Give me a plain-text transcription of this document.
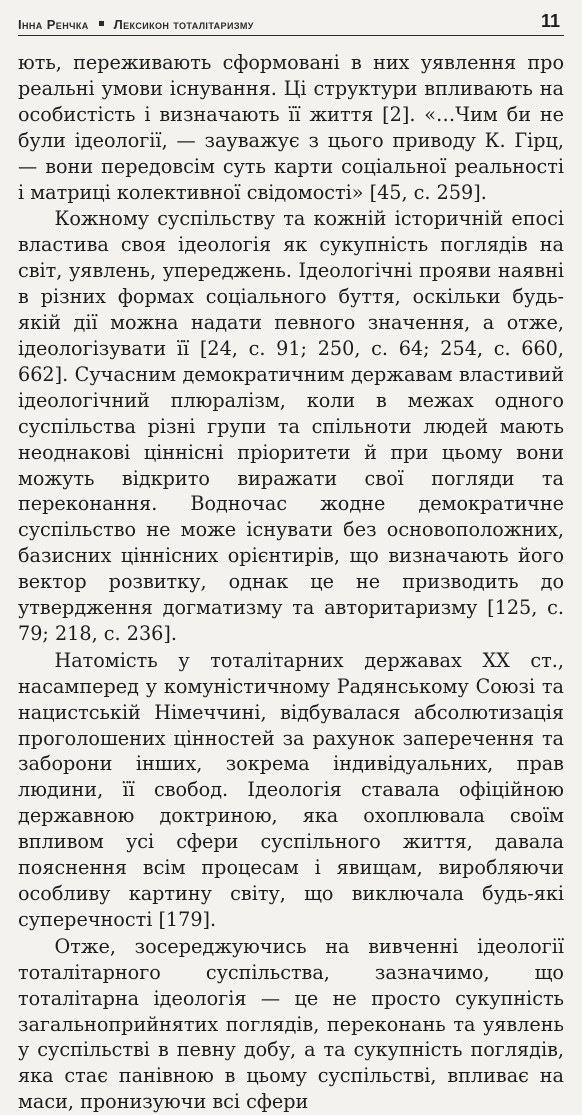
Інна Ренчка Лексикон тоталітаризму	11

ють, переживають сформовані в них уявлення про реальні умови існування. Ці структури впливають на особистість і визначають її життя [2]. «…Чим би не були ідеології, — зауважує з цього приводу К. Гірц, — вони передовсім суть карти соціальної реальності і матриці колективної свідомості» [45, с. 259].

Кожному суспільству та кожній історичній епосі властива своя ідеологія як сукупність поглядів на світ, уявлень, упереджень. Ідеологічні прояви наявні в різних формах соціального буття, оскільки будь-якій дії можна надати певного значення, а отже, ідеологізувати її [24, с. 91; 250, с. 64; 254, с. 660, 662]. Сучасним демократичним державам властивий ідеологічний плюралізм, коли в межах одного суспільства різні групи та спільноти людей мають неоднакові ціннісні пріоритети й при цьому вони можуть відкрито виражати свої погляди та переконання. Водночас жодне демократичне суспільство не може існувати без основоположних, базисних ціннісних орієнтирів, що визначають його вектор розвитку, однак це не призводить до утвердження догматизму та авторитаризму [125, с. 79; 218, с. 236].

Натомість у тоталітарних державах XX ст., насамперед у комуністичному Радянському Союзі та нацистській Німеччині, відбувалася абсолютизація проголошених цінностей за рахунок заперечення та заборони інших, зокрема індивідуальних, прав людини, її свобод. Ідеологія ставала офіційною державною доктриною, яка охоплювала своїм впливом усі сфери суспільного життя, давала пояснення всім процесам і явищам, виробляючи особливу картину світу, що виключала будь-які суперечності [179].

Отже, зосереджуючись на вивченні ідеології тоталітарного суспільства, зазначимо, що тоталітарна ідеологія — це не просто сукупність загальноприйнятих поглядів, переконань та уявлень у суспільстві в певну добу, а та сукупність поглядів, яка стає панівною в цьому суспільстві, впливає на маси, пронизуючи всі сфери
